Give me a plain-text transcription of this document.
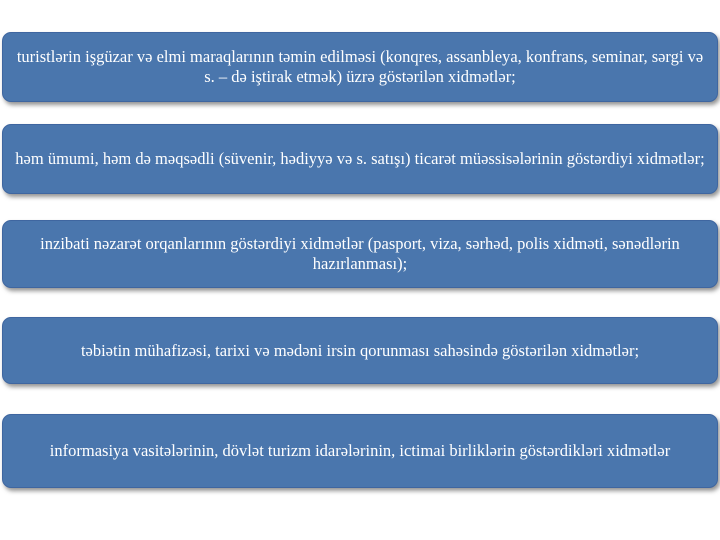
turistlərin işgüzar və elmi maraqlarının təmin edilməsi (konqres, assanbleya, konfrans, seminar, sərgi və s. – də iştirak etmək) üzrə göstərilən xidmətlər;
həm ümumi, həm də məqsədli (süvenir, hədiyyə və s. satışı) ticarət müəssisələrinin göstərdiyi xidmətlər;
inzibati nəzarət orqanlarının göstərdiyi xidmətlər (pasport, viza, sərhəd, polis xidməti, sənədlərin hazırlanması);
təbiətin mühafizəsi, tarixi və mədəni irsin qorunması sahəsində göstərilən xidmətlər;
informasiya vasitələrinin, dövlət turizm idarələrinin, ictimai birliklərin göstərdikləri xidmətlər
